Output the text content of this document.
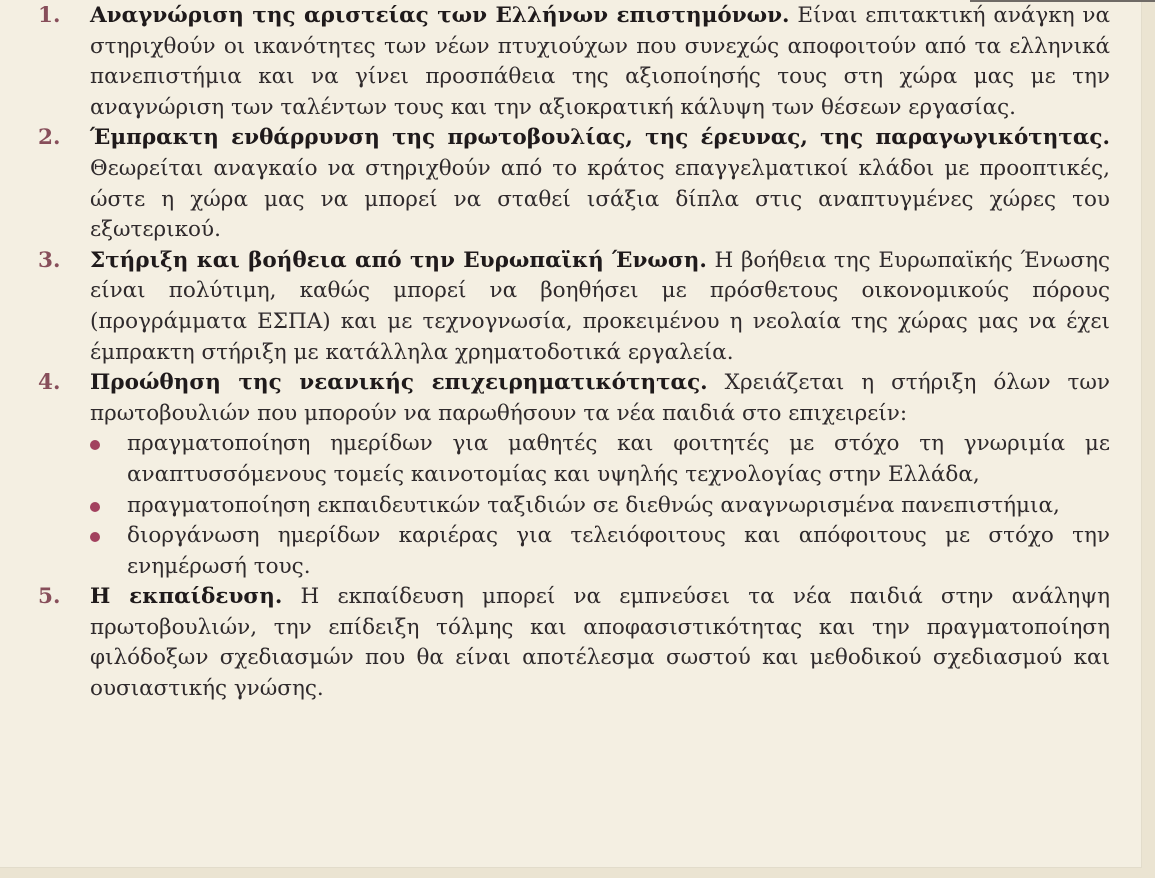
1. Αναγνώριση της αριστείας των Ελλήνων επιστημόνων. Είναι επιτακτική ανάγκη να στηριχθούν οι ικανότητες των νέων πτυχιούχων που συνεχώς αποφοιτούν από τα ελληνικά πανεπιστήμια και να γίνει προσπάθεια της αξιοποίησής τους στη χώρα μας με την αναγνώριση των ταλέντων τους και την αξιοκρατική κάλυψη των θέσεων εργασίας.

2. Έμπρακτη ενθάρρυνση της πρωτοβουλίας, της έρευνας, της παραγωγικότητας. Θεωρείται αναγκαίο να στηριχθούν από το κράτος επαγγελματικοί κλάδοι με προοπτικές, ώστε η χώρα μας να μπορεί να σταθεί ισάξια δίπλα στις αναπτυγμένες χώρες του εξωτερικού.

3. Στήριξη και βοήθεια από την Ευρωπαϊκή Ένωση. Η βοήθεια της Ευρωπαϊκής Ένωσης είναι πολύτιμη, καθώς μπορεί να βοηθήσει με πρόσθετους οικονομικούς πόρους (προγράμματα ΕΣΠΑ) και με τεχνογνωσία, προκειμένου η νεολαία της χώρας μας να έχει έμπρακτη στήριξη με κατάλληλα χρηματοδοτικά εργαλεία.

4. Προώθηση της νεανικής επιχειρηματικότητας. Χρειάζεται η στήριξη όλων των πρωτοβουλιών που μπορούν να παρωθήσουν τα νέα παιδιά στο επιχειρείν:
πραγματοποίηση ημερίδων για μαθητές και φοιτητές με στόχο τη γνωριμία με αναπτυσσόμενους τομείς καινοτομίας και υψηλής τεχνολογίας στην Ελλάδα,
πραγματοποίηση εκπαιδευτικών ταξιδιών σε διεθνώς αναγνωρισμένα πανεπιστήμια,
διοργάνωση ημερίδων καριέρας για τελειόφοιτους και απόφοιτους με στόχο την ενημέρωσή τους.

5. Η εκπαίδευση. Η εκπαίδευση μπορεί να εμπνεύσει τα νέα παιδιά στην ανάληψη πρωτοβουλιών, την επίδειξη τόλμης και αποφασιστικότητας και την πραγματοποίηση φιλόδοξων σχεδιασμών που θα είναι αποτέλεσμα σωστού και μεθοδικού σχεδιασμού και ουσιαστικής γνώσης.
